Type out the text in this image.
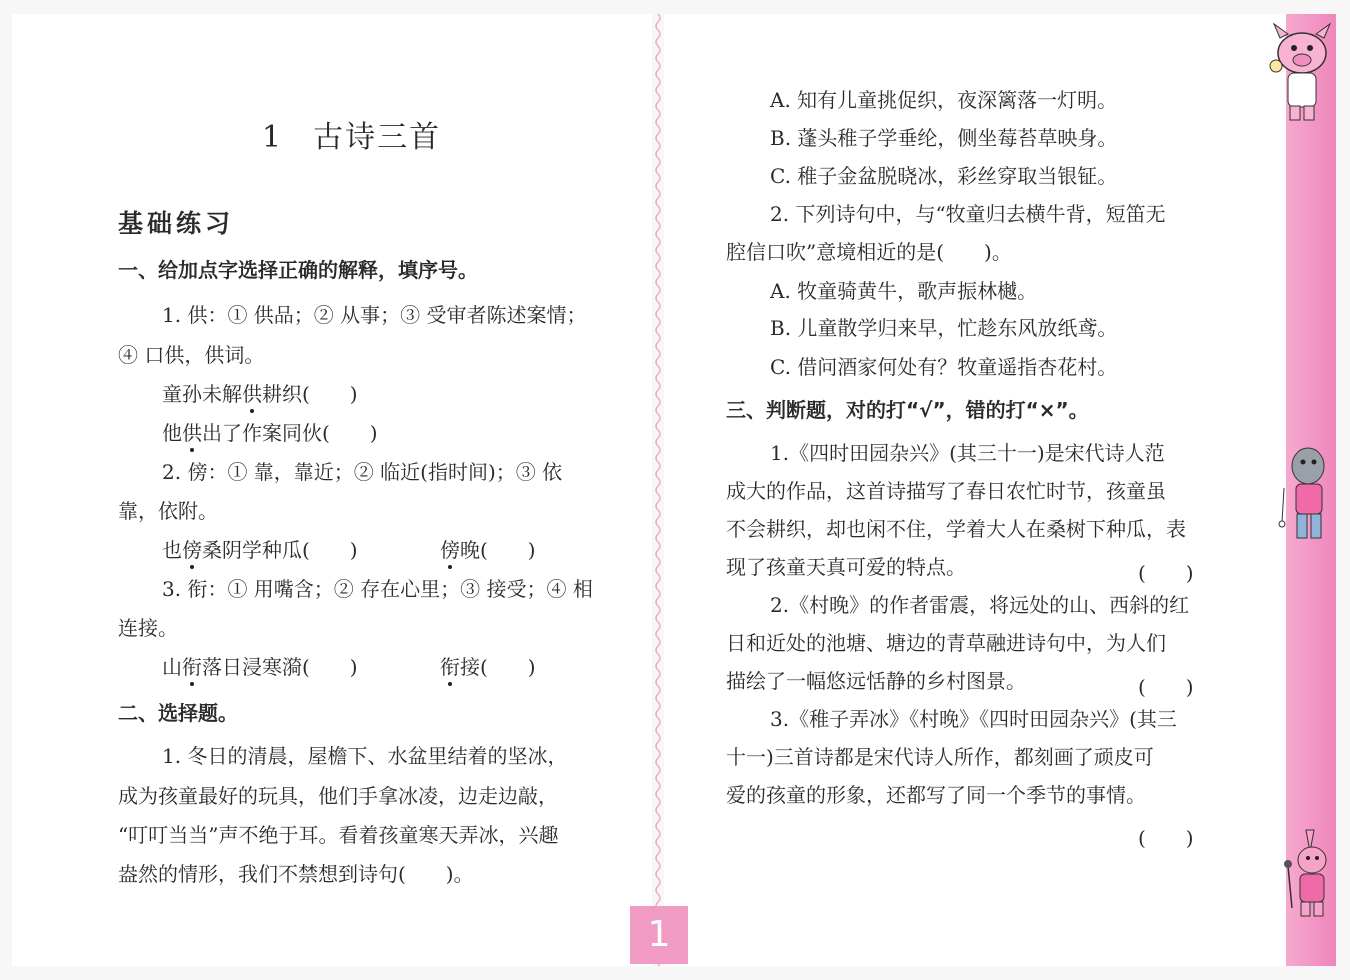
1 古诗三首
基础练习
一、给加点字选择正确的解释，填序号。
1. 供：① 供品；② 从事；③ 受审者陈述案情；
④ 口供，供词。
童孙未解供耕织(　　)
他供出了作案同伙(　　)
2. 傍：① 靠，靠近；② 临近(指时间)；③ 依
靠，依附。
也傍桑阴学种瓜(　　)	傍晚(　　)
3. 衔：① 用嘴含；② 存在心里；③ 接受；④ 相
连接。
山衔落日浸寒漪(　　)	衔接(　　)
二、选择题。
1. 冬日的清晨，屋檐下、水盆里结着的坚冰，
成为孩童最好的玩具，他们手拿冰凌，边走边敲，
“叮叮当当”声不绝于耳。看着孩童寒天弄冰，兴趣
盎然的情形，我们不禁想到诗句(　　)。
1
A. 知有儿童挑促织，夜深篱落一灯明。
B. 蓬头稚子学垂纶，侧坐莓苔草映身。
C. 稚子金盆脱晓冰，彩丝穿取当银钲。
2. 下列诗句中，与“牧童归去横牛背，短笛无
腔信口吹”意境相近的是(　　)。
A. 牧童骑黄牛，歌声振林樾。
B. 儿童散学归来早，忙趁东风放纸鸢。
C. 借问酒家何处有？牧童遥指杏花村。
三、判断题，对的打“√”，错的打“×”。
1.《四时田园杂兴》(其三十一)是宋代诗人范
成大的作品，这首诗描写了春日农忙时节，孩童虽
不会耕织，却也闲不住，学着大人在桑树下种瓜，表
现了孩童天真可爱的特点。	(　　)
2.《村晚》的作者雷震，将远处的山、西斜的红
日和近处的池塘、塘边的青草融进诗句中，为人们
描绘了一幅悠远恬静的乡村图景。	(　　)
3.《稚子弄冰》《村晚》《四时田园杂兴》(其三
十一)三首诗都是宋代诗人所作，都刻画了顽皮可
爱的孩童的形象，还都写了同一个季节的事情。
(　　)
